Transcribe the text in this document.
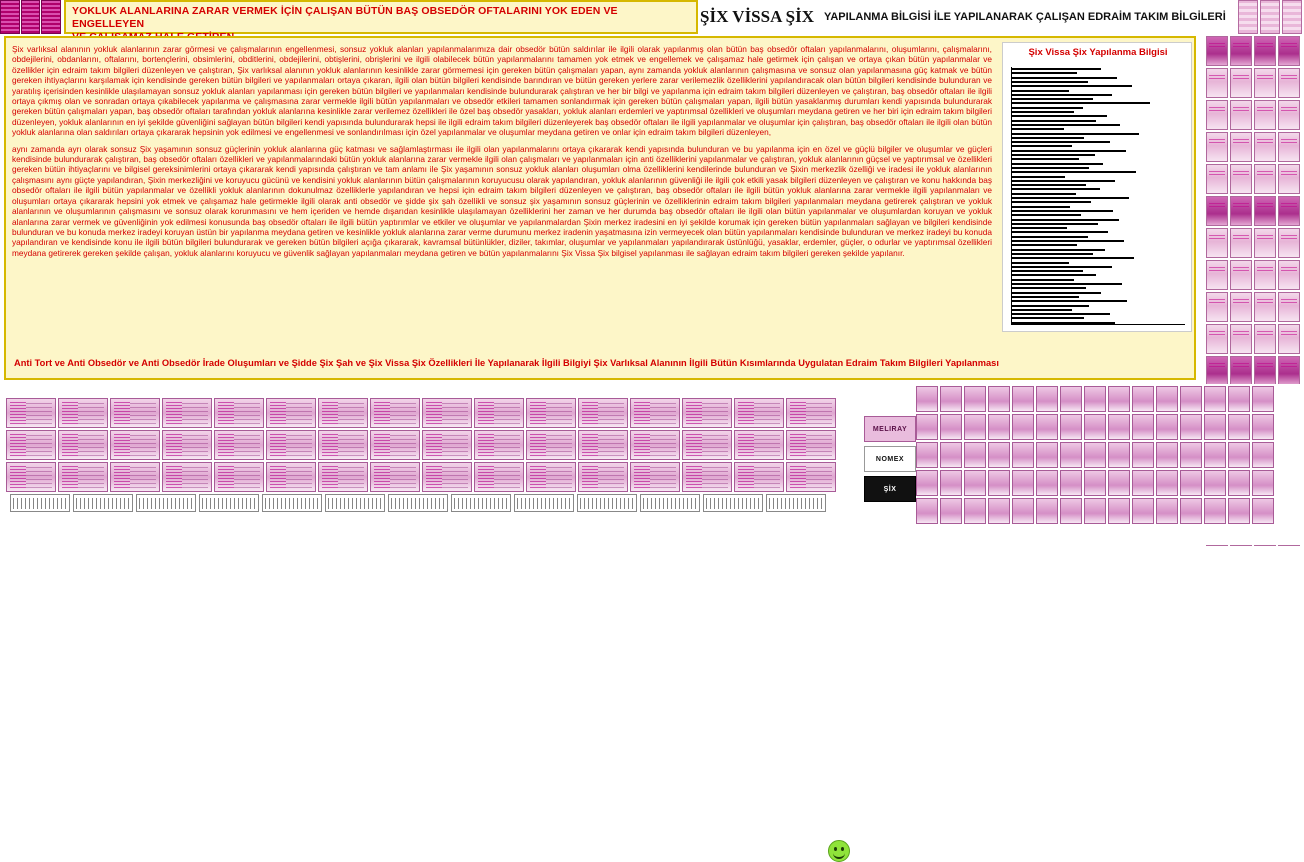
YOKLUK ALANLARINA ZARAR VERMEK İÇİN ÇALIŞAN BÜTÜN BAŞ OBSEDÖR OFTALARINI YOK EDEN VE ENGELLEYEN	ŞİX VİSSA ŞİX YAPILANMA BİLGİSİ İLE YAPILANARAK ÇALIŞAN EDRAİM TAKIM BİLGİLERİ

Şix varlıksal alanının yokluk alanlarının zarar görmesi ve çalışmalarının engellenmesi, sonsuz yokluk alanları yapılanmalarımıza dair obsedör bütün saldırılar ile ilgili olarak yapılanmış olan bütün baş obsedör oftaları yapılanmalarını, oluşumlarını, çalışmalarını, obdejilerini, obdanlarını, oftalarını, bortençlerini, obsimlerini, obditlerini, obdejilerini, obtişlerini, obrişlerini ve ilgili olabilecek bütün yapılanmalarını tamamen yok etmek ve engellemek ve çalışamaz hale getirmek için çalışan ve ortaya çıkan bütün yapılanmalar ve özellikler için edraim takım bilgileri düzenleyen ve çalıştıran, Şix varlıksal alanının yokluk alanlarının kesinlikle zarar görmemesi için gereken bütün çalışmaları yapan, aynı zamanda yokluk alanlarının çalışmasına ve sonsuz olan yapılanmasına güç katmak ve bütün gereken ihtiyaçlarını karşılamak için kendisinde gereken bütün bilgileri ve yapılanmaları ortaya çıkaran, ilgili olan bütün bilgileri kendisinde barındıran ve bütün gereken yerlere zarar verilemezlik özelliklerini yapılandıracak olan bütün bilgileri kendisinde bulunduran ve yaratılış içerisinden kesinlikle ulaşılamayan sonsuz yokluk alanları yapılanması için gereken bütün bilgileri ve yapılanmaları kendisinde bulundurarak çalıştıran ve her bir bilgi ve yapılanma için edraim takım bilgileri düzenleyen ve çalıştıran, baş obsedör oftaları ile ilgili ortaya çıkmış olan ve sonradan ortaya çıkabilecek yapılanma ve çalışmasına zarar vermekle ilgili bütün yapılanmaları ve obsedör etkileri tamamen sonlandırmak için gereken bütün çalışmaları yapan, ilgili bütün yasaklanmış durumları kendi yapısında bulundurarak gereken bütün çalışmaları yapan, baş obsedör oftaları tarafından yokluk alanlarına kesinlikle zarar verilemez özellikleri ile özel baş obsedör yasakları, yokluk alanları erdemleri ve yaptırımsal özellikleri ve oluşumları meydana getiren ve her biri için edraim takım bilgileri düzenleyen, yokluk alanlarının en iyi şekilde güvenliğini sağlayan bütün bilgileri kendi yapısında bulundurarak hepsi ile ilgili edraim takım bilgileri düzenleyerek baş obsedör oftaları ile ilgili yapılanmalar ve oluşumlar için çalıştıran, baş obsedör oftaları ile ilgili olan bütün yokluk alanlarına olan saldırıları ortaya çıkararak hepsinin yok edilmesi ve engellenmesi ve sonlandırılması için özel yapılanmalar ve oluşumlar meydana getiren ve onlar için edraim takım bilgileri düzenleyen,

aynı zamanda ayrı olarak sonsuz Şix yaşamının sonsuz güçlerinin yokluk alanlarına güç katması ve sağlamlaştırması ile ilgili olan yapılanmalarını ortaya çıkararak kendi yapısında bulunduran ve bu yapılanma için en özel ve güçlü bilgiler ve oluşumlar ve güçleri kendisinde bulundurarak çalıştıran, baş obsedör oftaları özellikleri ve yapılanmalarındaki bütün yokluk alanlarına zarar vermekle ilgili olan çalışmaları ve yapılanmaları için anti özelliklerini yapılanmalar ve çalıştıran, yokluk alanlarının güçsel ve yaptırımsal ve özellikleri gereken bütün ihtiyaçlarını ve bilgisel gereksinimlerini ortaya çıkararak kendi yapısında çalıştıran ve tam anlamı ile Şix yaşamının sonsuz yokluk alanları oluşumları olma özelliklerini kendilerinde bulunduran ve Şixin merkezlik özelliği ve iradesi ile yokluk alanlarının çalışmasını aynı güçte yapılandıran, Şixin merkezliğini ve koruyucu gücünü ve kendisini yokluk alanlarının bütün çalışmalarının koruyucusu olarak yapılandıran, yokluk alanlarının güvenliği ile ilgili çok etkili yasak bilgileri düzenleyen ve çalıştıran ve konu hakkında baş obsedör oftaları ile ilgili bütün yapılanmalar ve özellikli yokluk alanlarının dokunulmaz özelliklerle yapılandıran ve hepsi için edraim takım bilgileri düzenleyen ve çalıştıran, baş obsedör oftaları ile ilgili bütün yokluk alanlarına zarar vermekle ilgili yapılanmaları ve oluşumları ortaya çıkararak hepsini yok etmek ve çalışamaz hale getirmekle ilgili olarak anti obsedör ve şidde şix şah özellikli ve sonsuz şix yaşamının sonsuz güçlerinin ve özelliklerinin edraim takım bilgileri yapılanmaları meydana getirerek çalıştıran ve yokluk alanlarının ve oluşumlarının çalışmasını ve sonsuz olarak korunmasını ve hem içeriden ve hemde dışarıdan kesinlikle ulaşılamayan özelliklerini her zaman ve her durumda baş obsedör oftaları ile ilgili olan bütün yapılanmalar ve oluşumlardan koruyan ve yokluk alanlarına zarar vermek ve güvenliğinin yok edilmesi konusunda baş obsedör oftaları ile ilgili bütün yaptırımlar ve etkiler ve oluşumlar ve yapılanmalardan Şixin merkez iradesini en iyi şekilde korumak için gereken bütün yapılanmaları sağlayan ve bilgileri kendisinde bulunduran ve bu konuda merkez iradeyi koruyan üstün bir yapılanma meydana getiren ve kesinlikle yokluk alanlarına zarar verme durumunu merkez iradenin yaşatmasına izin vermeyecek olan bütün yapılanmaları kendisinde bulunduran ve merkez iradeyi bu konuda yapılandıran ve kendisinde konu ile ilgili bütün bilgileri bulundurarak ve gereken bütün bilgileri açığa çıkararak, kavramsal bütünlükler, diziler, takımlar, oluşumlar ve yapılanmaları yapılandırarak üstünlüğü, yasaklar, erdemler, güçler, o odurlar ve yaptırımsal özellikleri meydana getirerek gereken şekilde çalışan, yokluk alanlarını koruyucu ve güvenlik sağlayan yapılanmaları meydana getiren ve bütün yapılanmalarını Şix Vissa Şix bilgisel yapılanması ile sağlayan edraim takım bilgileri gereken şekilde yapılanır.

Anti Tort ve Anti Obsedör ve Anti Obsedör İrade Oluşumları ve Şidde Şix Şah ve Şix Vissa Şix Özellikleri İle Yapılanarak İlgili Bilgiyi Şix Varlıksal Alanının İlgili Bütün Kısımlarında Uygulatan Edraim Takım Bilgileri Yapılanması
Şix Vissa Şix Yapılanma Bilgisi
MELIRAY
NOMEX
ŞİX
